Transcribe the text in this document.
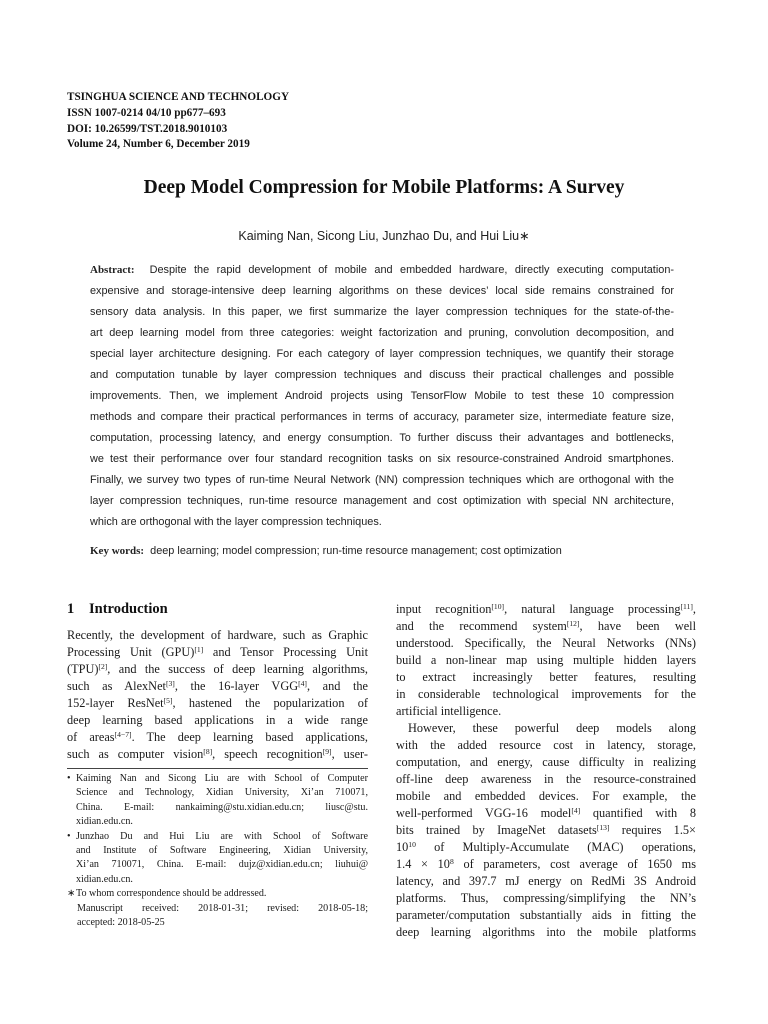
TSINGHUA SCIENCE AND TECHNOLOGY
ISSN 1007-0214 04/10 pp677–693
DOI: 10.26599/TST.2018.9010103
Volume 24, Number 6, December 2019
Deep Model Compression for Mobile Platforms: A Survey
Kaiming Nan, Sicong Liu, Junzhao Du, and Hui Liu∗
Abstract: Despite the rapid development of mobile and embedded hardware, directly executing computation-
expensive and storage-intensive deep learning algorithms on these devices’ local side remains constrained for
sensory data analysis. In this paper, we first summarize the layer compression techniques for the state-of-the-
art deep learning model from three categories: weight factorization and pruning, convolution decomposition, and
special layer architecture designing. For each category of layer compression techniques, we quantify their storage
and computation tunable by layer compression techniques and discuss their practical challenges and possible
improvements. Then, we implement Android projects using TensorFlow Mobile to test these 10 compression
methods and compare their practical performances in terms of accuracy, parameter size, intermediate feature size,
computation, processing latency, and energy consumption. To further discuss their advantages and bottlenecks,
we test their performance over four standard recognition tasks on six resource-constrained Android smartphones.
Finally, we survey two types of run-time Neural Network (NN) compression techniques which are orthogonal with the
layer compression techniques, run-time resource management and cost optimization with special NN architecture,
which are orthogonal with the layer compression techniques.
Key words: deep learning; model compression; run-time resource management; cost optimization
1 Introduction
Recently, the development of hardware, such as Graphic
Processing Unit (GPU)[1] and Tensor Processing Unit
(TPU)[2], and the success of deep learning algorithms,
such as AlexNet[3], the 16-layer VGG[4], and the
152-layer ResNet[5], hastened the popularization of
deep learning based applications in a wide range
of areas[4−7]. The deep learning based applications,
such as computer vision[8], speech recognition[9], user-
• Kaiming Nan and Sicong Liu are with School of Computer
Science and Technology, Xidian University, Xi’an 710071,
China. E-mail: nankaiming@stu.xidian.edu.cn; liusc@stu.
xidian.edu.cn.
• Junzhao Du and Hui Liu are with School of Software
and Institute of Software Engineering, Xidian University,
Xi’an 710071, China. E-mail: dujz@xidian.edu.cn; liuhui@
xidian.edu.cn.
∗To whom correspondence should be addressed.
Manuscript received: 2018-01-31; revised: 2018-05-18;
accepted: 2018-05-25
input recognition[10], natural language processing[11],
and the recommend system[12], have been well
understood. Specifically, the Neural Networks (NNs)
build a non-linear map using multiple hidden layers
to extract increasingly better features, resulting
in considerable technological improvements for the
artificial intelligence.
However, these powerful deep models along
with the added resource cost in latency, storage,
computation, and energy, cause difficulty in realizing
off-line deep awareness in the resource-constrained
mobile and embedded devices. For example, the
well-performed VGG-16 model[4] quantified with 8
bits trained by ImageNet datasets[13] requires 1.5×
$10^{10}$ of Multiply-Accumulate (MAC) operations,
$1.4 \times 10^8$ of parameters, cost average of 1650 ms
latency, and 397.7 mJ energy on RedMi 3S Android
platforms. Thus, compressing/simplifying the NN’s
parameter/computation substantially aids in fitting the
deep learning algorithms into the mobile platforms
